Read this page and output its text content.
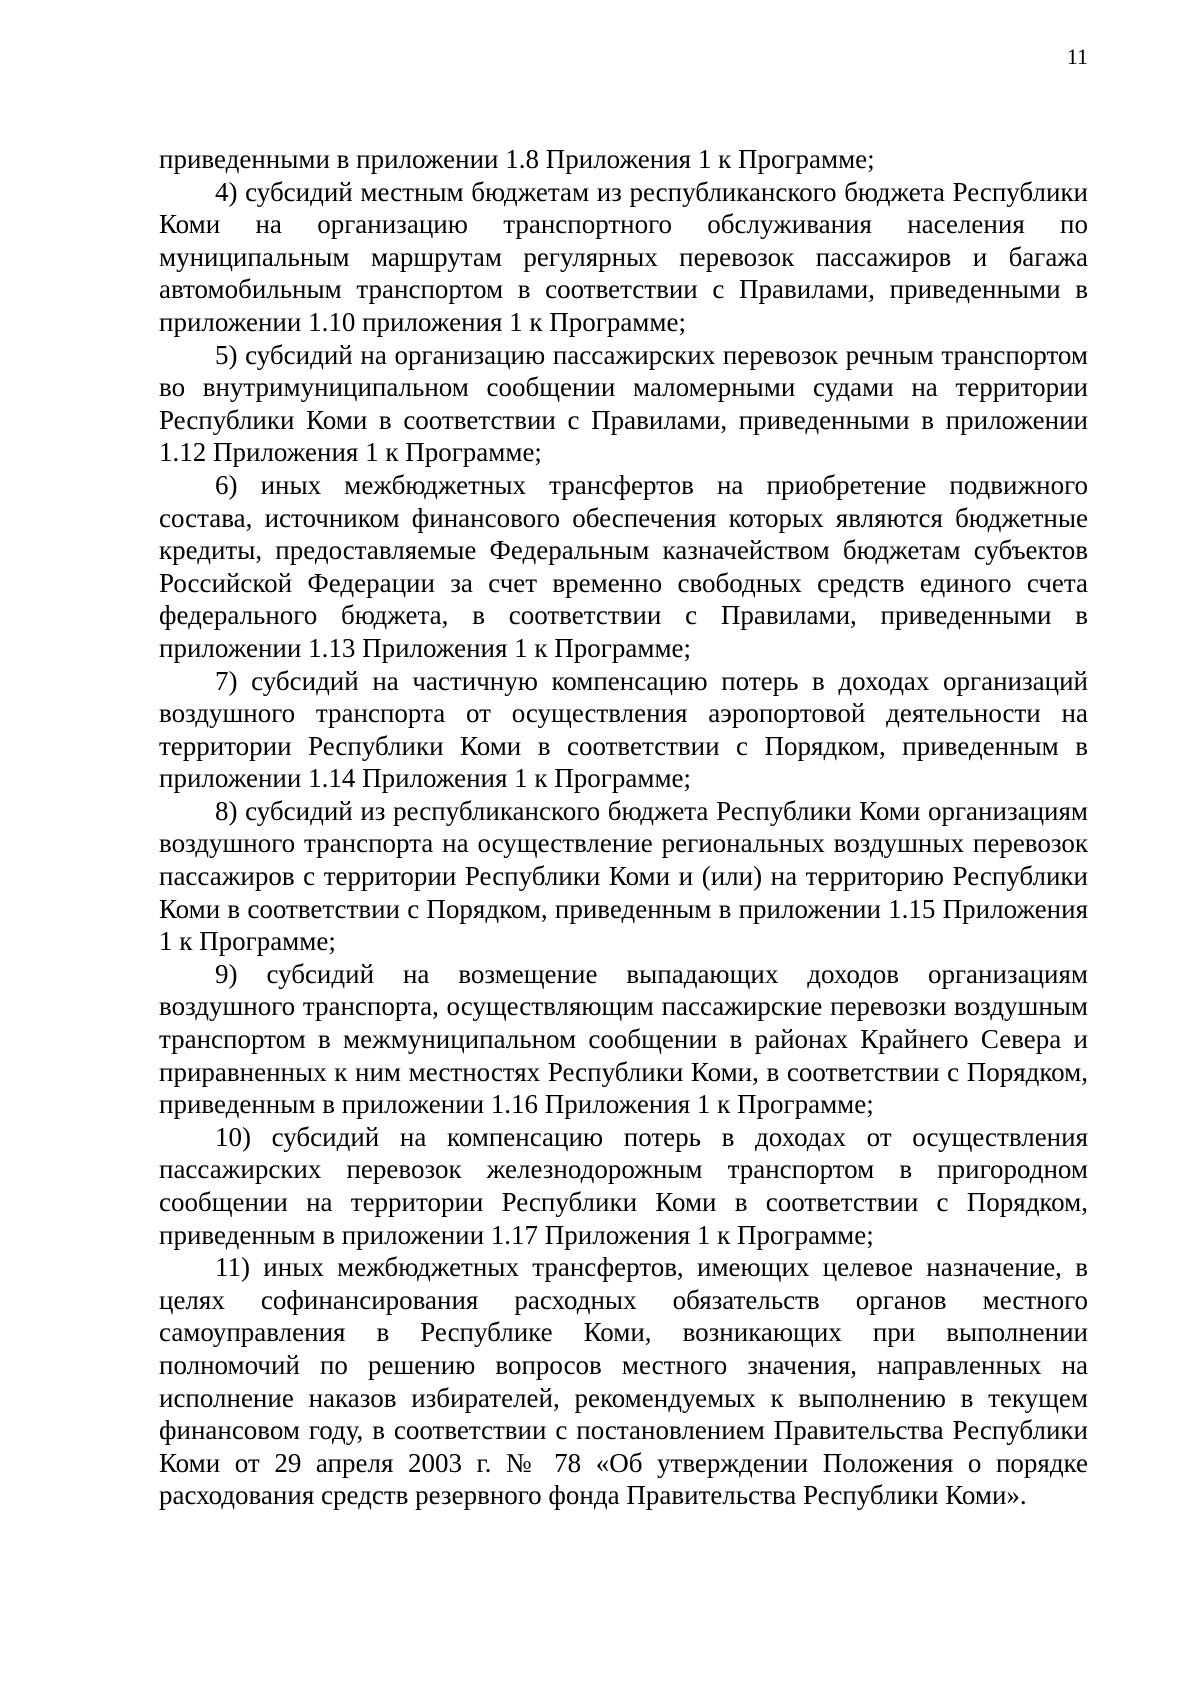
11

приведенными в приложении 1.8 Приложения 1 к Программе;

4) субсидий местным бюджетам из республиканского бюджета Республики Коми на организацию транспортного обслуживания населения по муниципальным маршрутам регулярных перевозок пассажиров и багажа автомобильным транспортом в соответствии с Правилами, приведенными в приложении 1.10 приложения 1 к Программе;

5) субсидий на организацию пассажирских перевозок речным транспортом во внутримуниципальном сообщении маломерными судами на территории Республики Коми в соответствии с Правилами, приведенными в приложении 1.12 Приложения 1 к Программе;

6) иных межбюджетных трансфертов на приобретение подвижного состава, источником финансового обеспечения которых являются бюджетные кредиты, предоставляемые Федеральным казначейством бюджетам субъектов Российской Федерации за счет временно свободных средств единого счета федерального бюджета, в соответствии с Правилами, приведенными в приложении 1.13 Приложения 1 к Программе;

7) субсидий на частичную компенсацию потерь в доходах организаций воздушного транспорта от осуществления аэропортовой деятельности на территории Республики Коми в соответствии с Порядком, приведенным в приложении 1.14 Приложения 1 к Программе;

8) субсидий из республиканского бюджета Республики Коми организациям воздушного транспорта на осуществление региональных воздушных перевозок пассажиров с территории Республики Коми и (или) на территорию Республики Коми в соответствии с Порядком, приведенным в приложении 1.15 Приложения 1 к Программе;

9) субсидий на возмещение выпадающих доходов организациям воздушного транспорта, осуществляющим пассажирские перевозки воздушным транспортом в межмуниципальном сообщении в районах Крайнего Севера и приравненных к ним местностях Республики Коми, в соответствии с Порядком, приведенным в приложении 1.16 Приложения 1 к Программе;

10) субсидий на компенсацию потерь в доходах от осуществления пассажирских перевозок железнодорожным транспортом в пригородном сообщении на территории Республики Коми в соответствии с Порядком, приведенным в приложении 1.17 Приложения 1 к Программе;

11) иных межбюджетных трансфертов, имеющих целевое назначение, в целях софинансирования расходных обязательств органов местного самоуправления в Республике Коми, возникающих при выполнении полномочий по решению вопросов местного значения, направленных на исполнение наказов избирателей, рекомендуемых к выполнению в текущем финансовом году, в соответствии с постановлением Правительства Республики Коми от 29 апреля 2003 г. № 78 «Об утверждении Положения о порядке расходования средств резервного фонда Правительства Республики Коми».
